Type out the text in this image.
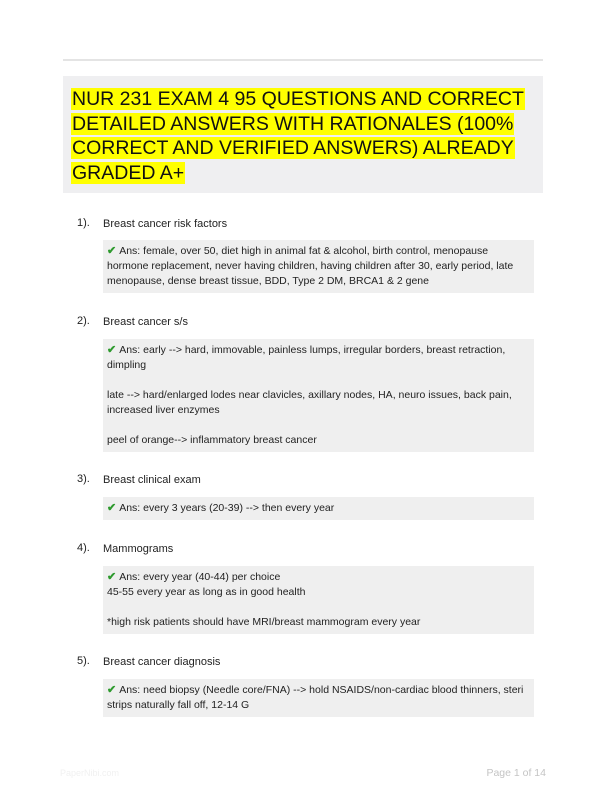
NUR 231 EXAM 4 95 QUESTIONS AND CORRECT
DETAILED ANSWERS WITH RATIONALES (100%
CORRECT AND VERIFIED ANSWERS) ALREADY
GRADED A+
1). Breast cancer risk factors

✔ Ans: female, over 50, diet high in animal fat & alcohol, birth control, menopause

hormone replacement, never having children, having children after 30, early period, late

menopause, dense breast tissue, BDD, Type 2 DM, BRCA1 & 2 gene

2). Breast cancer s/s

✔ Ans: early --> hard, immovable, painless lumps, irregular borders, breast retraction,

dimpling

late --> hard/enlarged lodes near clavicles, axillary nodes, HA, neuro issues, back pain,

increased liver enzymes

peel of orange--> inflammatory breast cancer

3). Breast clinical exam

✔ Ans: every 3 years (20-39) --> then every year

4). Mammograms

✔ Ans: every year (40-44) per choice

45-55 every year as long as in good health

*high risk patients should have MRI/breast mammogram every year

5). Breast cancer diagnosis

✔ Ans: need biopsy (Needle core/FNA) --> hold NSAIDS/non-cardiac blood thinners, steri

strips naturally fall off, 12-14 G

PaperNibi.com	Page 1 of 14
